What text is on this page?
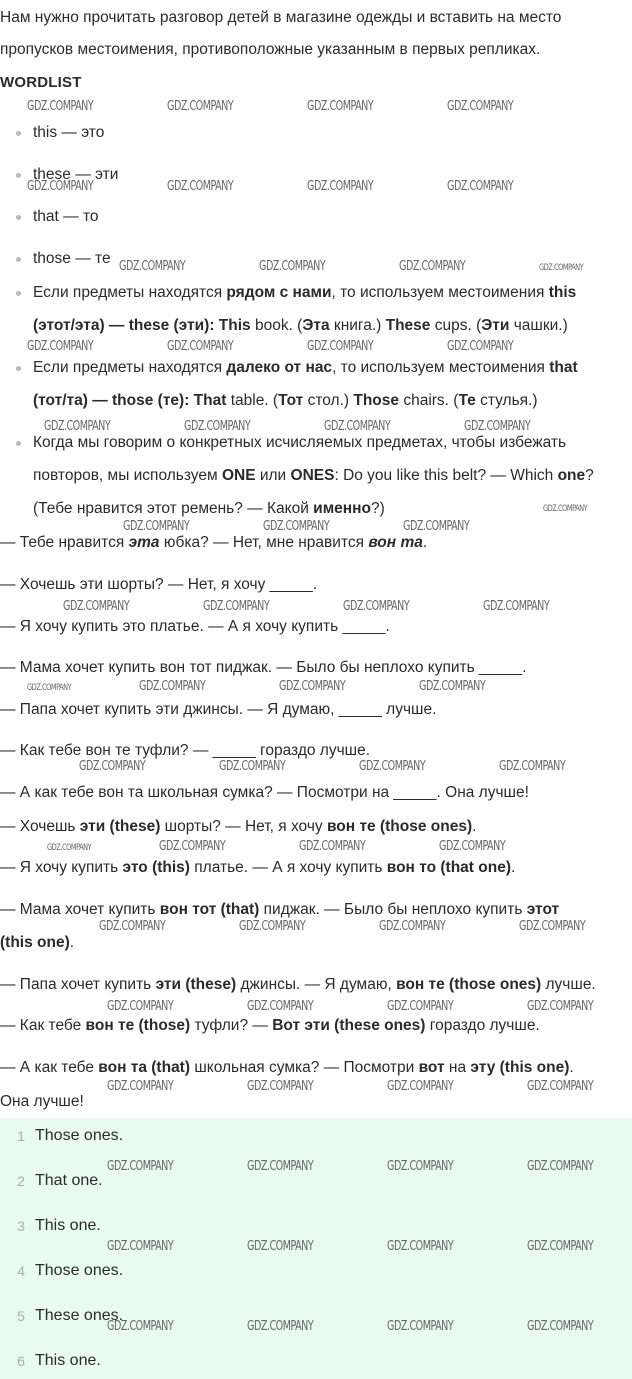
Нам нужно прочитать разговор детей в магазине одежды и вставить на место

пропусков местоимения, противоположные указанным в первых репликах.

WORDLIST

this — это

these — эти

that — то

those — те

Если предметы находятся рядом с нами, то используем местоимения this

(этот/эта) — these (эти): This book. (Эта книга.) These cups. (Эти чашки.)

Если предметы находятся далеко от нас, то используем местоимения that

(тот/та) — those (те): That table. (Тот стол.) Those chairs. (Те стулья.)

Когда мы говорим о конкретных исчисляемых предметах, чтобы избежать

повторов, мы используем ONE или ONES: Do you like this belt? — Which one?

(Тебе нравится этот ремень? — Какой именно?)

— Тебе нравится эта юбка? — Нет, мне нравится вон та.

— Хочешь эти шорты? — Нет, я хочу _____.

— Я хочу купить это платье. — А я хочу купить _____.

— Мама хочет купить вон тот пиджак. — Было бы неплохо купить _____.

— Папа хочет купить эти джинсы. — Я думаю, _____ лучше.

— Как тебе вон те туфли? — _____ гораздо лучше.

— А как тебе вон та школьная сумка? — Посмотри на _____. Она лучше!

— Хочешь эти (these) шорты? — Нет, я хочу вон те (those ones).

— Я хочу купить это (this) платье. — А я хочу купить вон то (that one).

— Мама хочет купить вон тот (that) пиджак. — Было бы неплохо купить этот

(this one).

— Папа хочет купить эти (these) джинсы. — Я думаю, вон те (those ones) лучше.

— Как тебе вон те (those) туфли? — Вот эти (these ones) гораздо лучше.

— А как тебе вон та (that) школьная сумка? — Посмотри вот на эту (this one).

Она лучше!

1 Those ones.
2 That one.
3 This one.
4 Those ones.
5 These ones.
6 This one.
GDZ.COMPANY	GDZ.COMPANY	GDZ.COMPANY	GDZ.COMPANY
GDZ.COMPANY	GDZ.COMPANY	GDZ.COMPANY	GDZ.COMPANY
GDZ.COMPANY	GDZ.COMPANY	GDZ.COMPANY	GDZ.COMPANY
GDZ.COMPANY	GDZ.COMPANY	GDZ.COMPANY	GDZ.COMPANY
GDZ.COMPANY	GDZ.COMPANY	GDZ.COMPANY	GDZ.COMPANY
GDZ.COMPANY	GDZ.COMPANY	GDZ.COMPANY
GDZ.COMPANY	GDZ.COMPANY	GDZ.COMPANY	GDZ.COMPANY
GDZ.COMPANY	GDZ.COMPANY	GDZ.COMPANY
GDZ.COMPANY
GDZ.COMPANY	GDZ.COMPANY	GDZ.COMPANY	GDZ.COMPANY
GDZ.COMPANY	GDZ.COMPANY	GDZ.COMPANY
GDZ.COMPANY
GDZ.COMPANY	GDZ.COMPANY	GDZ.COMPANY	GDZ.COMPANY
GDZ.COMPANY	GDZ.COMPANY	GDZ.COMPANY	GDZ.COMPANY
GDZ.COMPANY	GDZ.COMPANY	GDZ.COMPANY	GDZ.COMPANY
GDZ.COMPANY	GDZ.COMPANY	GDZ.COMPANY	GDZ.COMPANY
GDZ.COMPANY	GDZ.COMPANY	GDZ.COMPANY	GDZ.COMPANY
GDZ.COMPANY	GDZ.COMPANY	GDZ.COMPANY	GDZ.COMPANY
GDZ.COMPANY
